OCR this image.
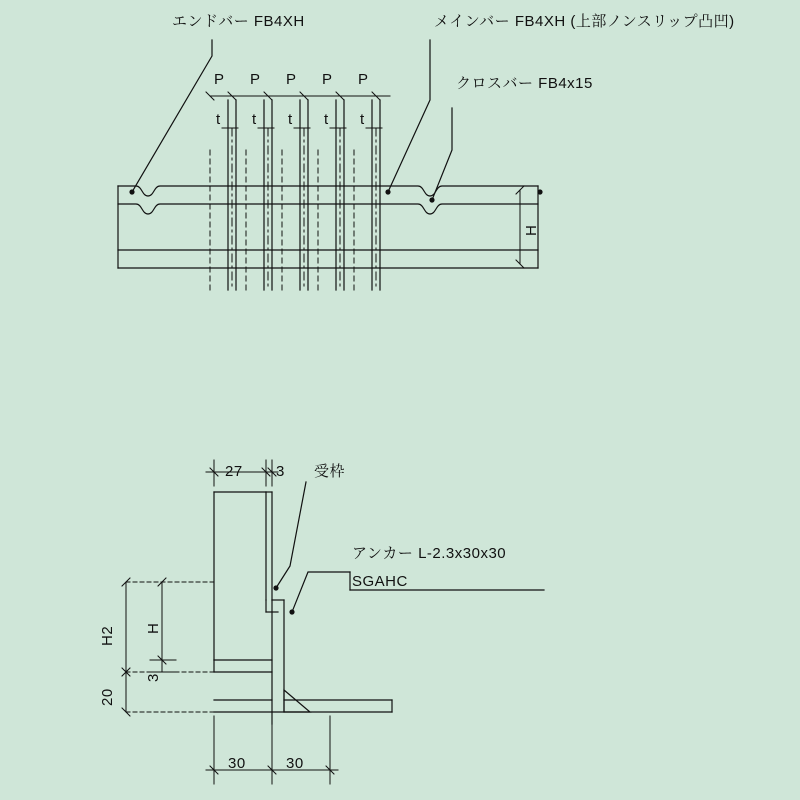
エンドバー FB4XH	メインバー FB4XH (上部ノンスリップ凸凹)
クロスバー FB4x15
P P P P P
t t t t t
H
27 3 受枠
アンカー L-2.3x30x30
SGAHC
H2 H
3
20
30	30
